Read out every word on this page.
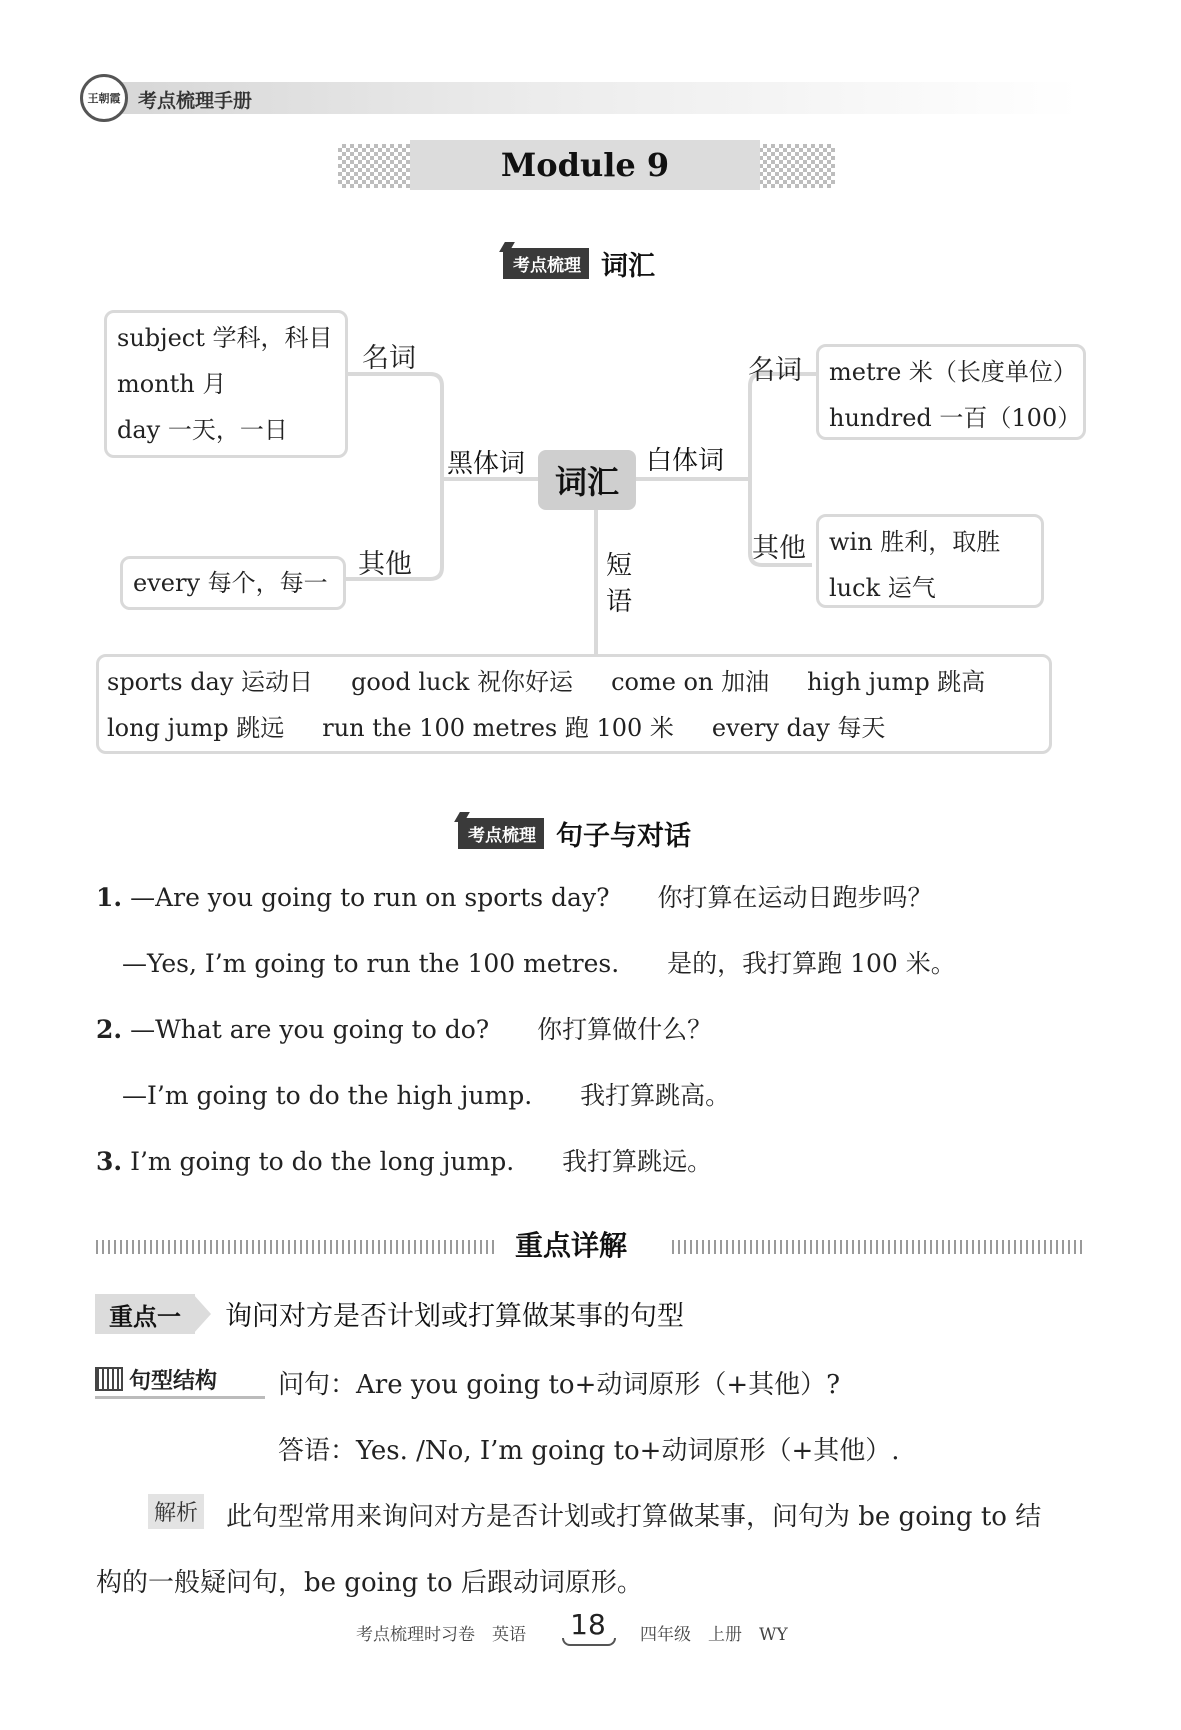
王朝霞 考点梳理手册
Module 9
考点梳理 词汇
subject 学科，科目
month 月
day 一天，一日
every 每个，每一
metre 米（长度单位）
hundred 一百（100）
win 胜利，取胜
luck 运气
sports day 运动日 good luck 祝你好运 come on 加油 high jump 跳高
long jump 跳远 run the 100 metres 跑 100 米 every day 每天
词汇
名词
其他
黑体词	白体词
名词
其他
短语
考点梳理 句子与对话
1. —Are you going to run on sports day? 你打算在运动日跑步吗？
—Yes, I’m going to run the 100 metres. 是的，我打算跑 100 米。
2. —What are you going to do? 你打算做什么？
—I’m going to do the high jump. 我打算跳高。
3. I’m going to do the long jump. 我打算跳远。
重点详解
重点一	询问对方是否计划或打算做某事的句型
句型结构 问句：Are you going to+动词原形（+其他）?
答语：Yes. /No, I’m going to+动词原形（+其他）.
解析 此句型常用来询问对方是否计划或打算做某事，问句为 be going to 结
构的一般疑问句，be going to 后跟动词原形。
考点梳理时习卷　英语 18 四年级　上册　WY
